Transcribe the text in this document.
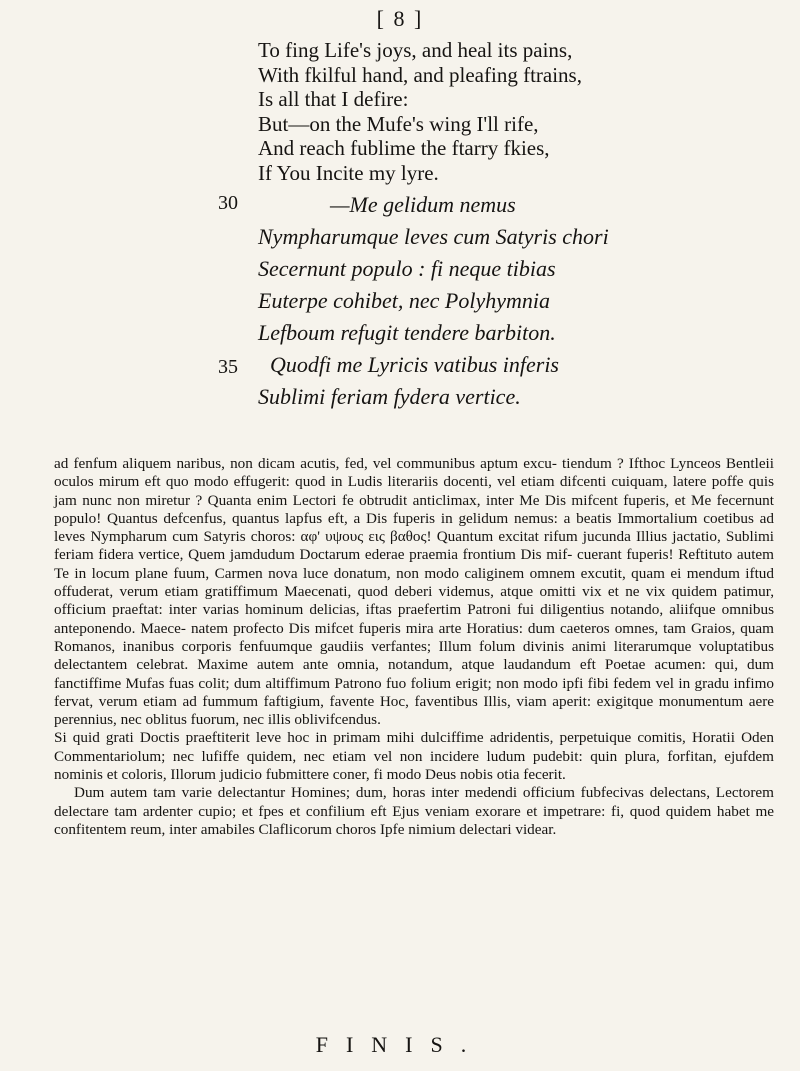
[ 8 ]
To fing Life's joys, and heal its pains,
With fkilful hand, and pleafing ftrains,
Is all that I defire:
But—on the Mufe's wing I'll rife,
And reach fublime the ftarry fkies,
If You Incite my lyre.
30	—Me gelidum nemus
Nympharumque leves cum Satyris chori
Secernunt populo : fi neque tibias
Euterpe cohibet, nec Polyhymnia
Lefboum refugit tendere barbiton.
35 Quodfi me Lyricis vatibus inferis
Sublimi feriam fydera vertice.

ad fenfum aliquem naribus, non dicam acutis, fed, vel communibus aptum excu- tiendum ? Ifthoc Lynceos Bentleii oculos mirum eft quo modo effugerit: quod in Ludis literariis docenti, vel etiam difcenti cuiquam, latere poffe quis jam nunc non miretur ? Quanta enim Lectori fe obtrudit anticlimax, inter Me Dis mifcent fuperis, et Me fecernunt populo! Quantus defcenfus, quantus lapfus eft, a Dis fuperis in gelidum nemus: a beatis Immortalium coetibus ad leves Nympharum cum Satyris choros: αφ' υψους εις βαθος! Quantum excitat rifum jucunda Illius jactatio, Sublimi feriam fidera vertice, Quem jamdudum Doctarum ederae praemia frontium Dis mif- cuerant fuperis! Reftituto autem Te in locum plane fuum, Carmen nova luce donatum, non modo caliginem omnem excutit, quam ei mendum iftud offuderat, verum etiam gratiffimum Maecenati, quod deberi videmus, atque omitti vix et ne vix quidem patimur, officium praeftat: inter varias hominum delicias, iftas praefertim Patroni fui diligentius notando, aliifque omnibus anteponendo. Maece- natem profecto Dis mifcet fuperis mira arte Horatius: dum caeteros omnes, tam Graios, quam Romanos, inanibus corporis fenfuumque gaudiis verfantes; Illum folum divinis animi literarumque voluptatibus delectantem celebrat. Maxime autem ante omnia, notandum, atque laudandum eft Poetae acumen: qui, dum fanctiffime Mufas fuas colit; dum altiffimum Patrono fuo folium erigit; non modo ipfi fibi fedem vel in gradu infimo fervat, verum etiam ad fummum faftigium, favente Hoc, faventibus Illis, viam aperit: exigitque monumentum aere perennius, nec oblitus fuorum, nec illis oblivifcendus.

Si quid grati Doctis praeftiterit leve hoc in primam mihi dulciffime adridentis, perpetuique comitis, Horatii Oden Commentariolum; nec lufiffe quidem, nec etiam vel non incidere ludum pudebit: quin plura, forfitan, ejufdem nominis et coloris, Illorum judicio fubmittere coner, fi modo Deus nobis otia fecerit.

Dum autem tam varie delectantur Homines; dum, horas inter medendi officium fubfecivas delectans, Lectorem delectare tam ardenter cupio; et fpes et confilium eft Ejus veniam exorare et impetrare: fi, quod quidem habet me confitentem reum, inter amabiles Claflicorum choros Ipfe nimium delectari videar.

FINIS.
